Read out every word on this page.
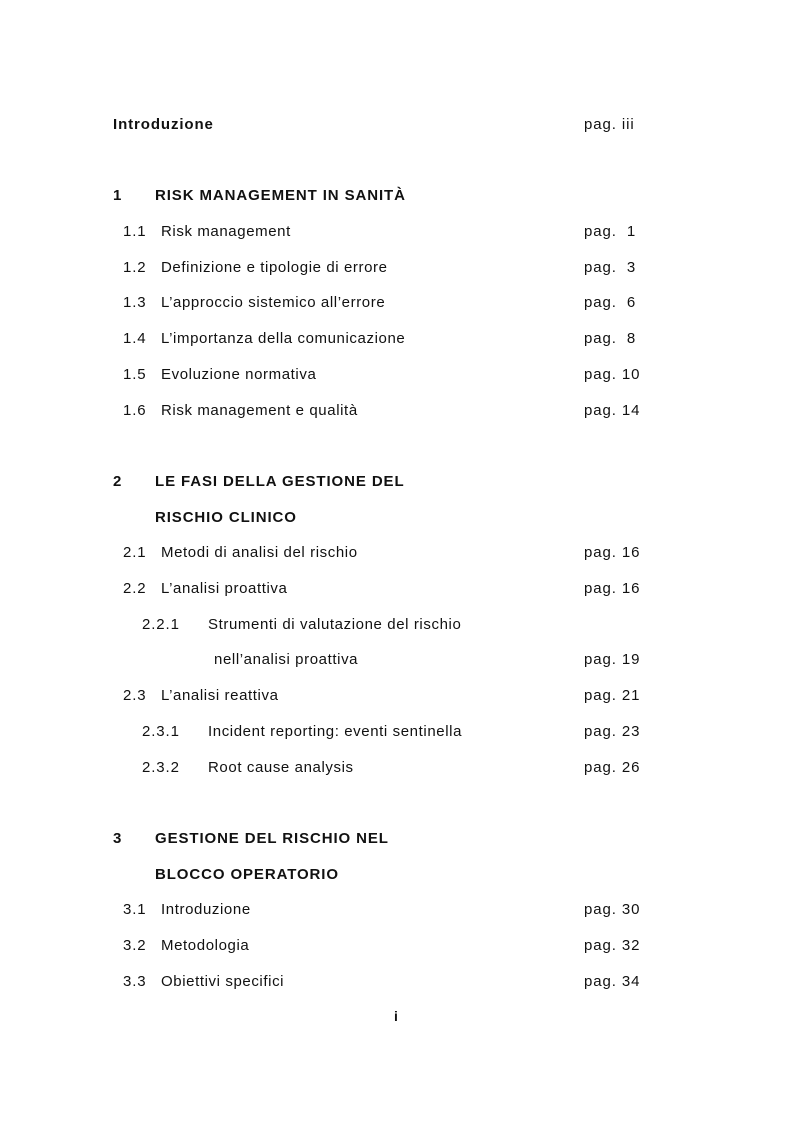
Introduzione	pag. iii
1 RISK MANAGEMENT IN SANITÀ
1.1 Risk management	pag.  1
1.2 Definizione e tipologie di errore	pag.  3
1.3 L’approccio sistemico all’errore	pag.  6
1.4 L’importanza della comunicazione	pag.  8
1.5 Evoluzione normativa	pag. 10
1.6 Risk management e qualità	pag. 14
2 LE FASI DELLA GESTIONE DEL
RISCHIO CLINICO
2.1 Metodi di analisi del rischio	pag. 16
2.2 L’analisi proattiva	pag. 16
2.2.1 Strumenti di valutazione del rischio
nell’analisi proattiva	pag. 19
2.3 L’analisi reattiva	pag. 21
2.3.1 Incident reporting: eventi sentinella	pag. 23
2.3.2 Root cause analysis	pag. 26
3 GESTIONE DEL RISCHIO NEL
BLOCCO OPERATORIO
3.1 Introduzione	pag. 30
3.2 Metodologia	pag. 32
3.3 Obiettivi specifici	pag. 34
i
